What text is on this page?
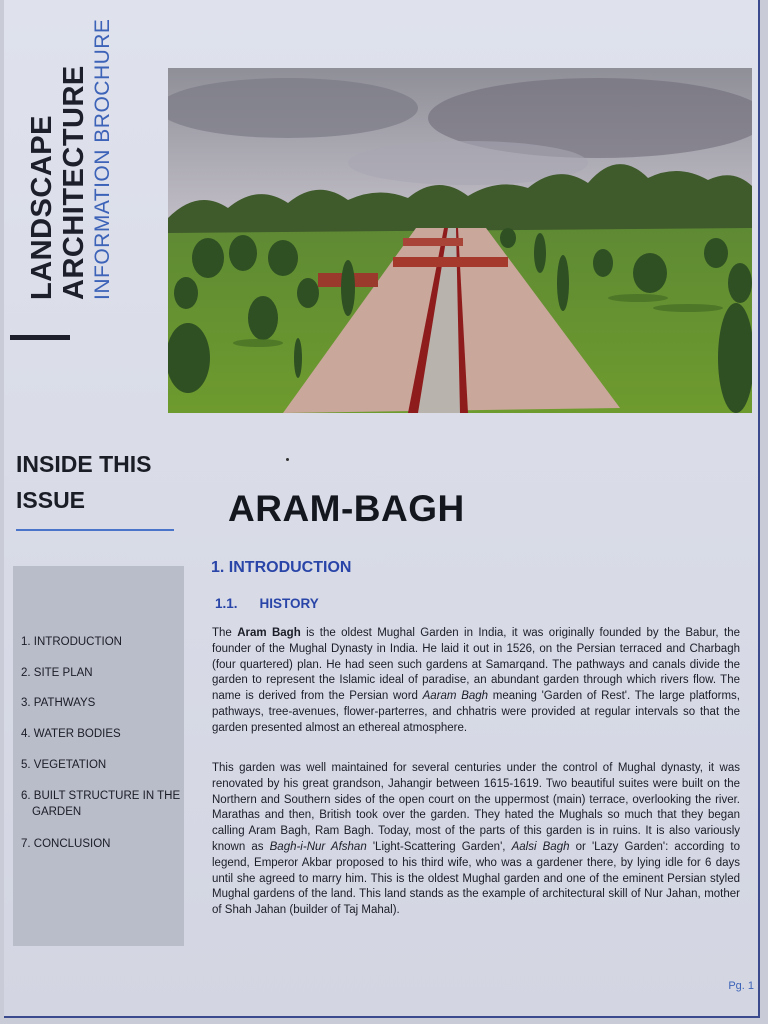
LANDSCAPE ARCHITECTURE INFORMATION BROCHURE
INSIDE THIS
ISSUE
1. INTRODUCTION
2. SITE PLAN
3. PATHWAYS
4. WATER BODIES
5. VEGETATION
6. BUILT STRUCTURE IN THE
GARDEN
7. CONCLUSION
ARAM-BAGH
1. INTRODUCTION
1.1. HISTORY
The Aram Bagh is the oldest Mughal Garden in India, it was originally founded by the Babur, the founder of the Mughal Dynasty in India. He laid it out in 1526, on the Persian terraced and Charbagh (four quartered) plan. He had seen such gardens at Samarqand. The pathways and canals divide the garden to represent the Islamic ideal of paradise, an abundant garden through which rivers flow. The name is derived from the Persian word Aaram Bagh meaning 'Garden of Rest'. The large platforms, pathways, tree-avenues, flower-parterres, and chhatris were provided at regular intervals so that the garden presented almost an ethereal atmosphere.
This garden was well maintained for several centuries under the control of Mughal dynasty, it was renovated by his great grandson, Jahangir between 1615-1619. Two beautiful suites were built on the Northern and Southern sides of the open court on the uppermost (main) terrace, overlooking the river. Marathas and then, British took over the garden. They hated the Mughals so much that they began calling Aram Bagh, Ram Bagh. Today, most of the parts of this garden is in ruins. It is also variously known as Bagh-i-Nur Afshan 'Light-Scattering Garden', Aalsi Bagh or 'Lazy Garden': according to legend, Emperor Akbar proposed to his third wife, who was a gardener there, by lying idle for 6 days until she agreed to marry him. This is the oldest Mughal garden and one of the eminent Persian styled Mughal gardens of the land. This land stands as the example of architectural skill of Nur Jahan, mother of Shah Jahan (builder of Taj Mahal).
Pg. 1
